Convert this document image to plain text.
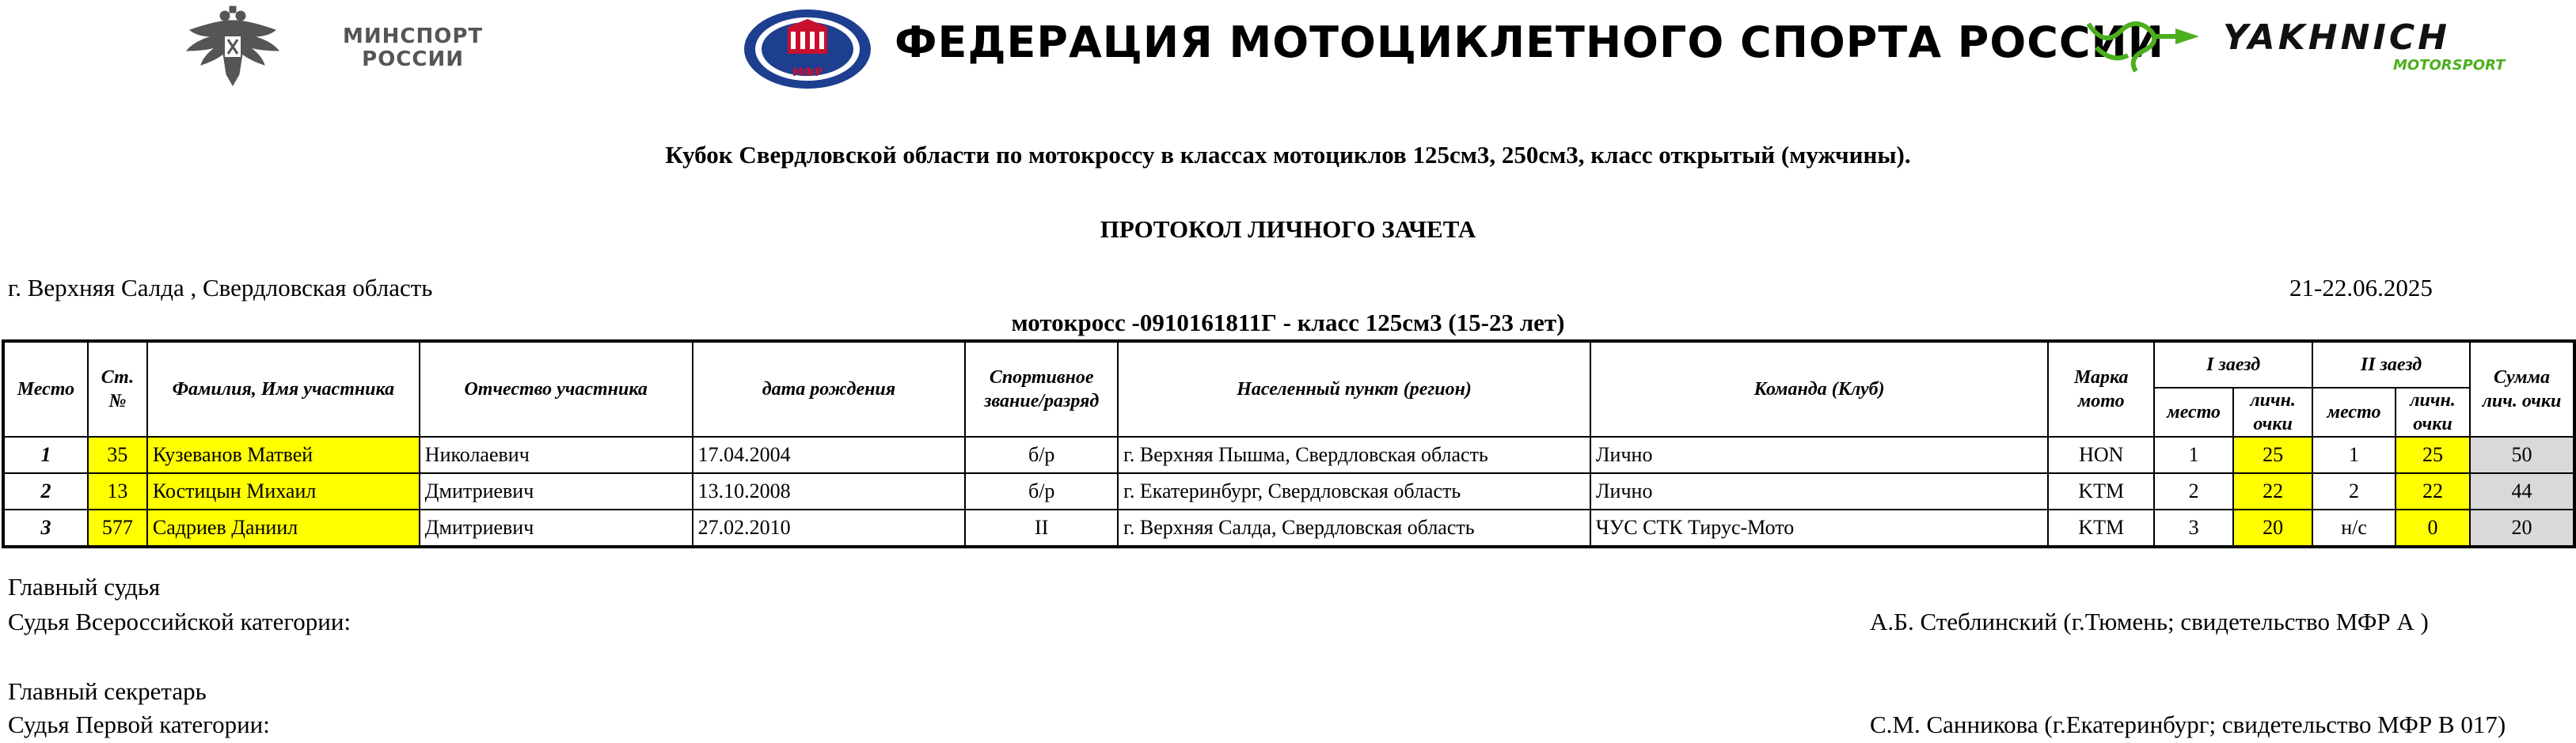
МИНСПОРТ
РОССИИ
МФР
ФЕДЕРАЦИЯ МОТОЦИКЛЕТНОГО СПОРТА РОССИИ YAKHNICH
MOTORSPORT
Кубок Свердловской области по мотокроссу в классах мотоциклов 125см3, 250см3, класс открытый (мужчины).
ПРОТОКОЛ ЛИЧНОГО ЗАЧЕТА
г. Верхняя Салда , Свердловская область	21-22.06.2025
мотокросс -0910161811Г - класс 125см3 (15-23 лет)
Место	Ст. №	Фамилия, Имя участника	Отчество участника	дата рождения	Спортивное звание/разряд	Населенный пункт (регион)	Команда (Клуб)	Марка мото	I заезд		II заезд		Сумма лич. очки
									место	личн. очки	место	личн. очки	
1	35	Кузеванов Матвей	Николаевич	17.04.2004	б/р	г. Верхняя Пышма, Свердловская область	Лично	HON	1	25	1	25	50
2	13	Костицын Михаил	Дмитриевич	13.10.2008	б/р	г. Екатеринбург, Свердловская область	Лично	KTM	2	22	2	22	44
3	577	Садриев Даниил	Дмитриевич	27.02.2010	II	г. Верхняя Салда, Свердловская область	ЧУС СТК Тирус-Мото	KTM	3	20	н/с	0	20
Главный судья
Судья Всероссийской категории:	А.Б. Стеблинский (г.Тюмень; свидетельство МФР А )
Главный секретарь
Судья Первой категории:	С.М. Санникова (г.Екатеринбург; свидетельство МФР В 017)
